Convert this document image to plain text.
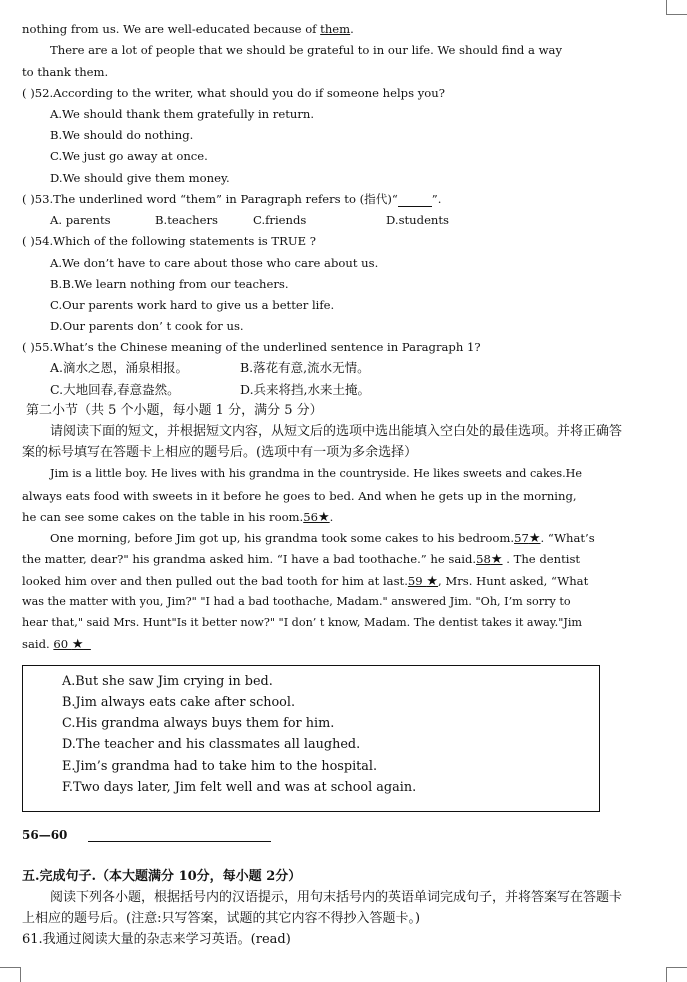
nothing from us. We are well-educated because of them.
There are a lot of people that we should be grateful to in our life. We should find a way
to thank them.
( )52.According to the writer, what should you do if someone helps you?
A.We should thank them gratefully in return.
B.We should do nothing.
C.We just go away at once.
D.We should give them money.
( )53.The underlined word “them” in Paragraph refers to (指代)“	”.
A. parents	B.teachers	C.friends	D.students
( )54.Which of the following statements is TRUE ?
A.We don’t have to care about those who care about us.
B.B.We learn nothing from our teachers.
C.Our parents work hard to give us a better life.
D.Our parents don’ t cook for us.
( )55.What’s the Chinese meaning of the underlined sentence in Paragraph 1?
A.滴水之恩，涌泉相报。	B.落花有意,流水无情。
C.大地回春,春意盎然。	D.兵来将挡,水来土掩。
第二小节（共 5 个小题，每小题 1 分，满分 5 分）
请阅读下面的短文，并根据短文内容，从短文后的选项中选出能填入空白处的最佳选项。并将正确答
案的标号填写在答题卡上相应的题号后。(选项中有一项为多余选择）
Jim is a little boy. He lives with his grandma in the countryside. He likes sweets and cakes.He
always eats food with sweets in it before he goes to bed. And when he gets up in the morning,
he can see some cakes on the table in his room.56★.
One morning, before Jim got up, his grandma took some cakes to his bedroom.57★. “What’s
the matter, dear?" his grandma asked him. “I have a bad toothache.” he said.58★ . The dentist
looked him over and then pulled out the bad tooth for him at last.59 ★, Mrs. Hunt asked, “What
was the matter with you, Jim?" "I had a bad toothache, Madam." answered Jim. "Oh, I’m sorry to
hear that," said Mrs. Hunt"Is it better now?" "I don’ t know, Madam. The dentist takes it away."Jim
said. 60 ★
A.But she saw Jim crying in bed.
B.Jim always eats cake after school.
C.His grandma always buys them for him.
D.The teacher and his classmates all laughed.
E.Jim’s grandma had to take him to the hospital.
F.Two days later, Jim felt well and was at school again.
56—60
五.完成句子.（本大题满分 10分，每小题 2分）
阅读下列各小题，根据括号内的汉语提示，用句末括号内的英语单词完成句子，并将答案写在答题卡
上相应的题号后。(注意:只写答案，试题的其它内容不得抄入答题卡。)
61.我通过阅读大量的杂志来学习英语。(read)
